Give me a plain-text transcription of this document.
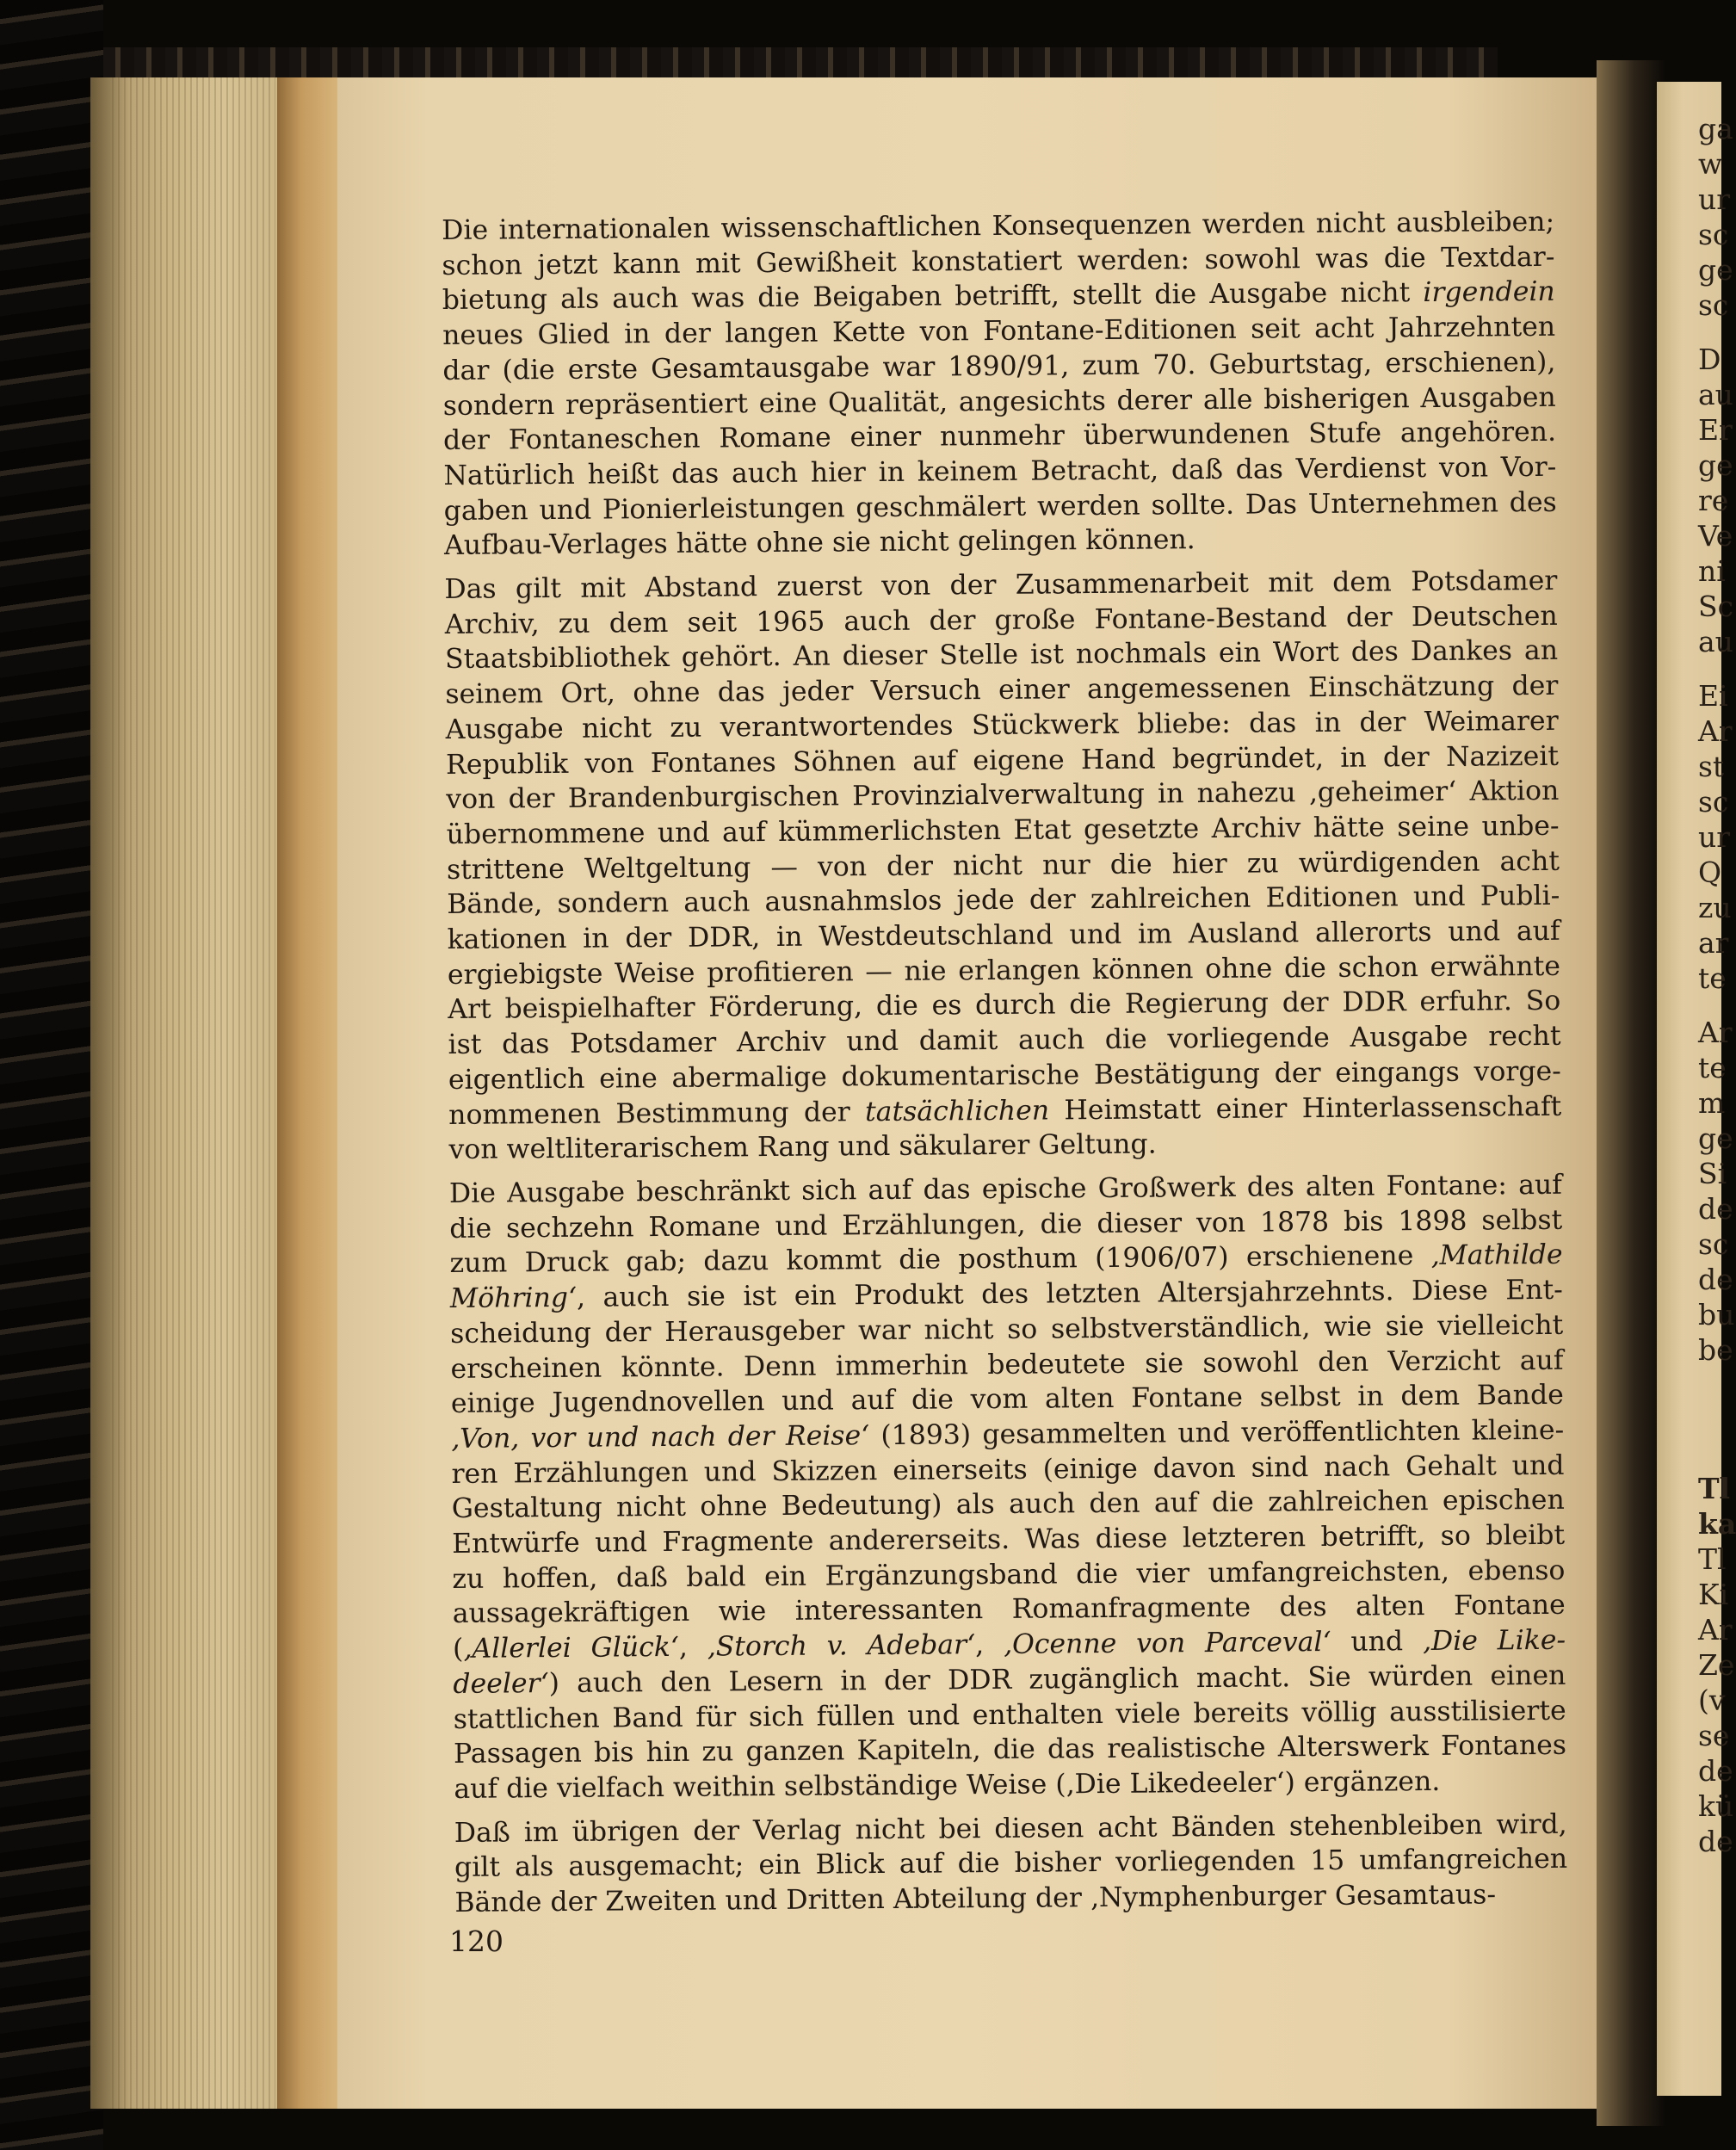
ga
w
ur
sc
ge
sc
D
au
Er
ge
re
Ve
ni
Sc
au
Ei
Ar
st
sc
ur
Q
zu
ar
te
Ar
te
m
ge
Si
de
sc
de
bu
be
Tl
ka
Tl
Ki
Ar
Ze
(v
se
de
kü
de

Die internationalen wissenschaftlichen Konsequenzen werden nicht ausbleiben;
schon jetzt kann mit Gewißheit konstatiert werden: sowohl was die Textdar-
bietung als auch was die Beigaben betrifft, stellt die Ausgabe nicht irgendein
neues Glied in der langen Kette von Fontane-Editionen seit acht Jahrzehnten
dar (die erste Gesamtausgabe war 1890/91, zum 70. Geburtstag, erschienen),
sondern repräsentiert eine Qualität, angesichts derer alle bisherigen Ausgaben
der Fontaneschen Romane einer nunmehr überwundenen Stufe angehören.
Natürlich heißt das auch hier in keinem Betracht, daß das Verdienst von Vor-
gaben und Pionierleistungen geschmälert werden sollte. Das Unternehmen des
Aufbau-Verlages hätte ohne sie nicht gelingen können.

Das gilt mit Abstand zuerst von der Zusammenarbeit mit dem Potsdamer
Archiv, zu dem seit 1965 auch der große Fontane-Bestand der Deutschen
Staatsbibliothek gehört. An dieser Stelle ist nochmals ein Wort des Dankes an
seinem Ort, ohne das jeder Versuch einer angemessenen Einschätzung der
Ausgabe nicht zu verantwortendes Stückwerk bliebe: das in der Weimarer
Republik von Fontanes Söhnen auf eigene Hand begründet, in der Nazizeit
von der Brandenburgischen Provinzialverwaltung in nahezu ‚geheimer‘ Aktion
übernommene und auf kümmerlichsten Etat gesetzte Archiv hätte seine unbe-
strittene Weltgeltung — von der nicht nur die hier zu würdigenden acht
Bände, sondern auch ausnahmslos jede der zahlreichen Editionen und Publi-
kationen in der DDR, in Westdeutschland und im Ausland allerorts und auf
ergiebigste Weise profitieren — nie erlangen können ohne die schon erwähnte
Art beispielhafter Förderung, die es durch die Regierung der DDR erfuhr. So
ist das Potsdamer Archiv und damit auch die vorliegende Ausgabe recht
eigentlich eine abermalige dokumentarische Bestätigung der eingangs vorge-
nommenen Bestimmung der tatsächlichen Heimstatt einer Hinterlassenschaft
von weltliterarischem Rang und säkularer Geltung.

Die Ausgabe beschränkt sich auf das epische Großwerk des alten Fontane: auf
die sechzehn Romane und Erzählungen, die dieser von 1878 bis 1898 selbst
zum Druck gab; dazu kommt die posthum (1906/07) erschienene ‚Mathilde
Möhring‘, auch sie ist ein Produkt des letzten Altersjahrzehnts. Diese Ent-
scheidung der Herausgeber war nicht so selbstverständlich, wie sie vielleicht
erscheinen könnte. Denn immerhin bedeutete sie sowohl den Verzicht auf
einige Jugendnovellen und auf die vom alten Fontane selbst in dem Bande
‚Von, vor und nach der Reise‘ (1893) gesammelten und veröffentlichten kleine-
ren Erzählungen und Skizzen einerseits (einige davon sind nach Gehalt und
Gestaltung nicht ohne Bedeutung) als auch den auf die zahlreichen epischen
Entwürfe und Fragmente andererseits. Was diese letzteren betrifft, so bleibt
zu hoffen, daß bald ein Ergänzungsband die vier umfangreichsten, ebenso
aussagekräftigen wie interessanten Romanfragmente des alten Fontane
(‚Allerlei Glück‘, ‚Storch v. Adebar‘, ‚Ocenne von Parceval‘ und ‚Die Like-
deeler‘) auch den Lesern in der DDR zugänglich macht. Sie würden einen
stattlichen Band für sich füllen und enthalten viele bereits völlig ausstilisierte
Passagen bis hin zu ganzen Kapiteln, die das realistische Alterswerk Fontanes
auf die vielfach weithin selbständige Weise (‚Die Likedeeler‘) ergänzen.

Daß im übrigen der Verlag nicht bei diesen acht Bänden stehenbleiben wird,
gilt als ausgemacht; ein Blick auf die bisher vorliegenden 15 umfangreichen
Bände der Zweiten und Dritten Abteilung der ‚Nymphenburger Gesamtaus-

120
